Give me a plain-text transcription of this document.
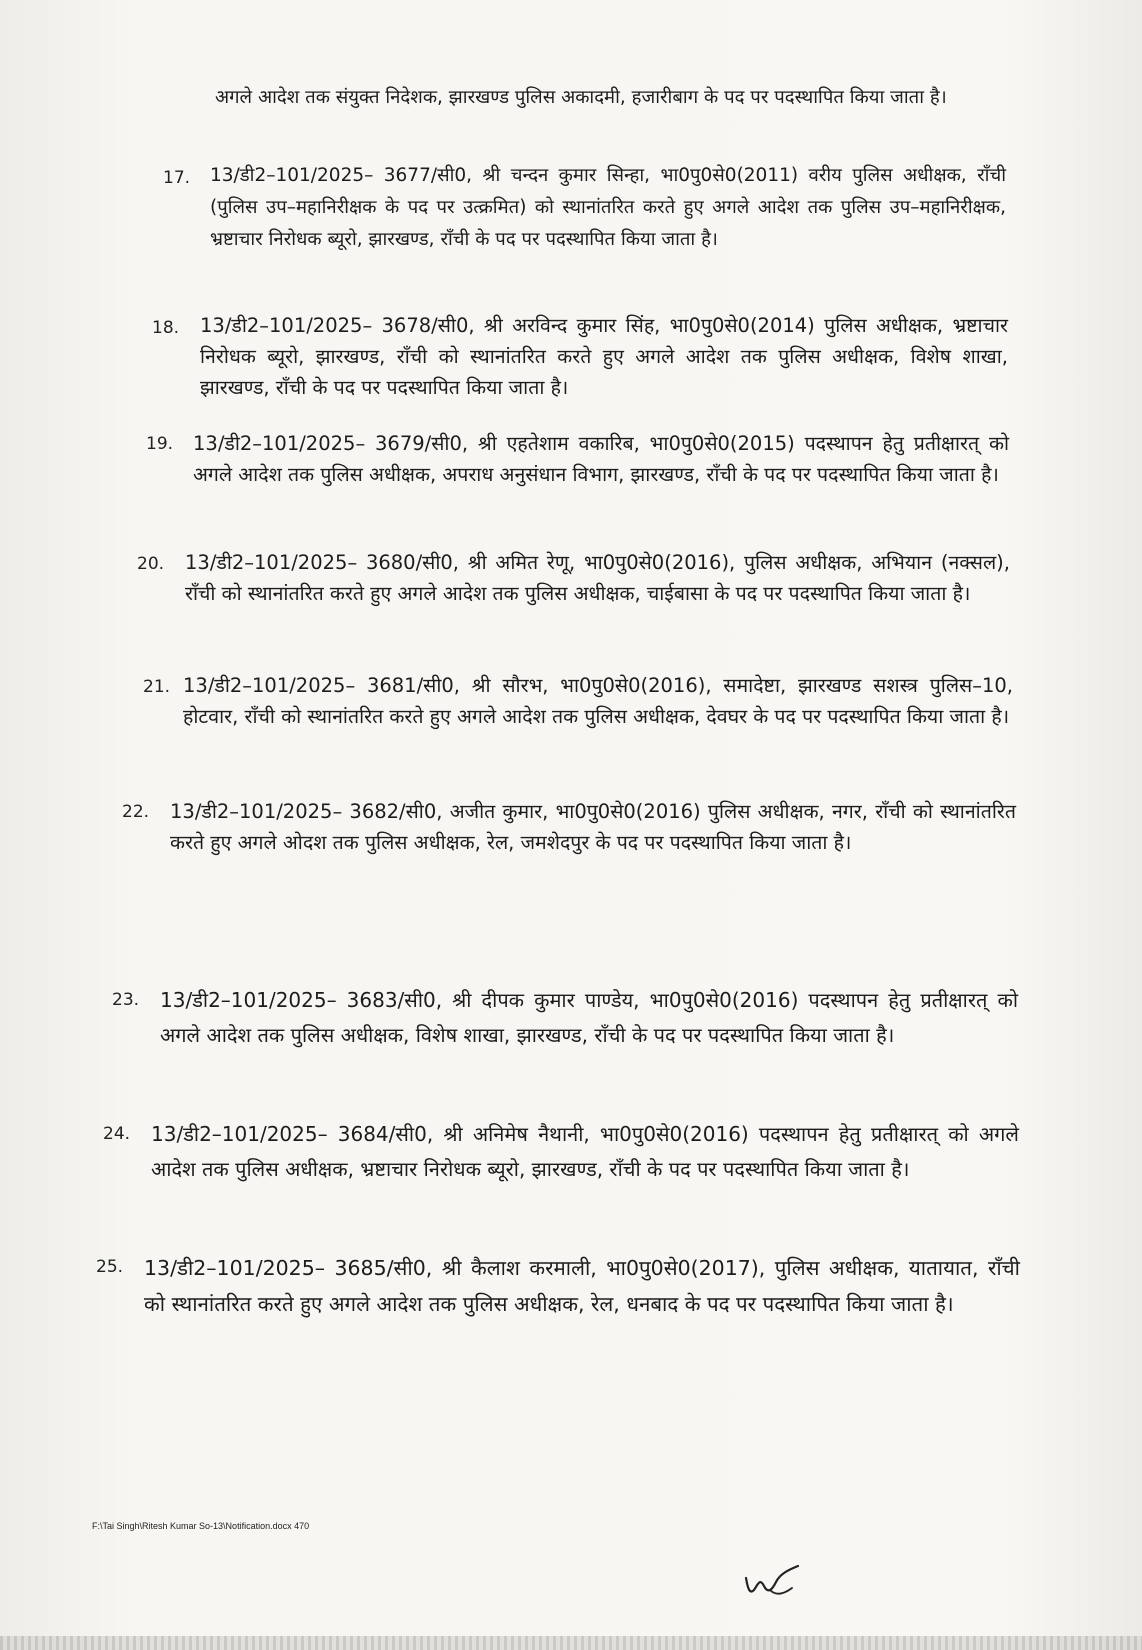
अगले आदेश तक संयुक्त निदेशक, झारखण्ड पुलिस अकादमी, हजारीबाग के पद पर पदस्थापित किया जाता है।
17. 13/डी2–101/2025– 3677/सी0, श्री चन्दन कुमार सिन्हा, भा0पु0से0(2011) वरीय पुलिस अधीक्षक, राँची (पुलिस उप–महानिरीक्षक के पद पर उत्क्रमित) को स्थानांतरित करते हुए अगले आदेश तक पुलिस उप–महानिरीक्षक, भ्रष्टाचार निरोधक ब्यूरो, झारखण्ड, राँची के पद पर पदस्थापित किया जाता है।
18. 13/डी2–101/2025– 3678/सी0, श्री अरविन्द कुमार सिंह, भा0पु0से0(2014) पुलिस अधीक्षक, भ्रष्टाचार निरोधक ब्यूरो, झारखण्ड, राँची को स्थानांतरित करते हुए अगले आदेश तक पुलिस अधीक्षक, विशेष शाखा, झारखण्ड, राँची के पद पर पदस्थापित किया जाता है।
19. 13/डी2–101/2025– 3679/सी0, श्री एहतेशाम वकारिब, भा0पु0से0(2015) पदस्थापन हेतु प्रतीक्षारत् को अगले आदेश तक पुलिस अधीक्षक, अपराध अनुसंधान विभाग, झारखण्ड, राँची के पद पर पदस्थापित किया जाता है।
20. 13/डी2–101/2025– 3680/सी0, श्री अमित रेणू, भा0पु0से0(2016), पुलिस अधीक्षक, अभियान (नक्सल), राँची को स्थानांतरित करते हुए अगले आदेश तक पुलिस अधीक्षक, चाईबासा के पद पर पदस्थापित किया जाता है।
21. 13/डी2–101/2025– 3681/सी0, श्री सौरभ, भा0पु0से0(2016), समादेष्टा, झारखण्ड सशस्त्र पुलिस–10, होटवार, राँची को स्थानांतरित करते हुए अगले आदेश तक पुलिस अधीक्षक, देवघर के पद पर पदस्थापित किया जाता है।
22. 13/डी2–101/2025– 3682/सी0, अजीत कुमार, भा0पु0से0(2016) पुलिस अधीक्षक, नगर, राँची को स्थानांतरित करते हुए अगले ओदश तक पुलिस अधीक्षक, रेल, जमशेदपुर के पद पर पदस्थापित किया जाता है।
23. 13/डी2–101/2025– 3683/सी0, श्री दीपक कुमार पाण्डेय, भा0पु0से0(2016) पदस्थापन हेतु प्रतीक्षारत् को अगले आदेश तक पुलिस अधीक्षक, विशेष शाखा, झारखण्ड, राँची के पद पर पदस्थापित किया जाता है।
24. 13/डी2–101/2025– 3684/सी0, श्री अनिमेष नैथानी, भा0पु0से0(2016) पदस्थापन हेतु प्रतीक्षारत् को अगले आदेश तक पुलिस अधीक्षक, भ्रष्टाचार निरोधक ब्यूरो, झारखण्ड, राँची के पद पर पदस्थापित किया जाता है।
25. 13/डी2–101/2025– 3685/सी0, श्री कैलाश करमाली, भा0पु0से0(2017), पुलिस अधीक्षक, यातायात, राँची को स्थानांतरित करते हुए अगले आदेश तक पुलिस अधीक्षक, रेल, धनबाद के पद पर पदस्थापित किया जाता है।
F:\Tai Singh\Ritesh Kumar So-13\Notification.docx 470
